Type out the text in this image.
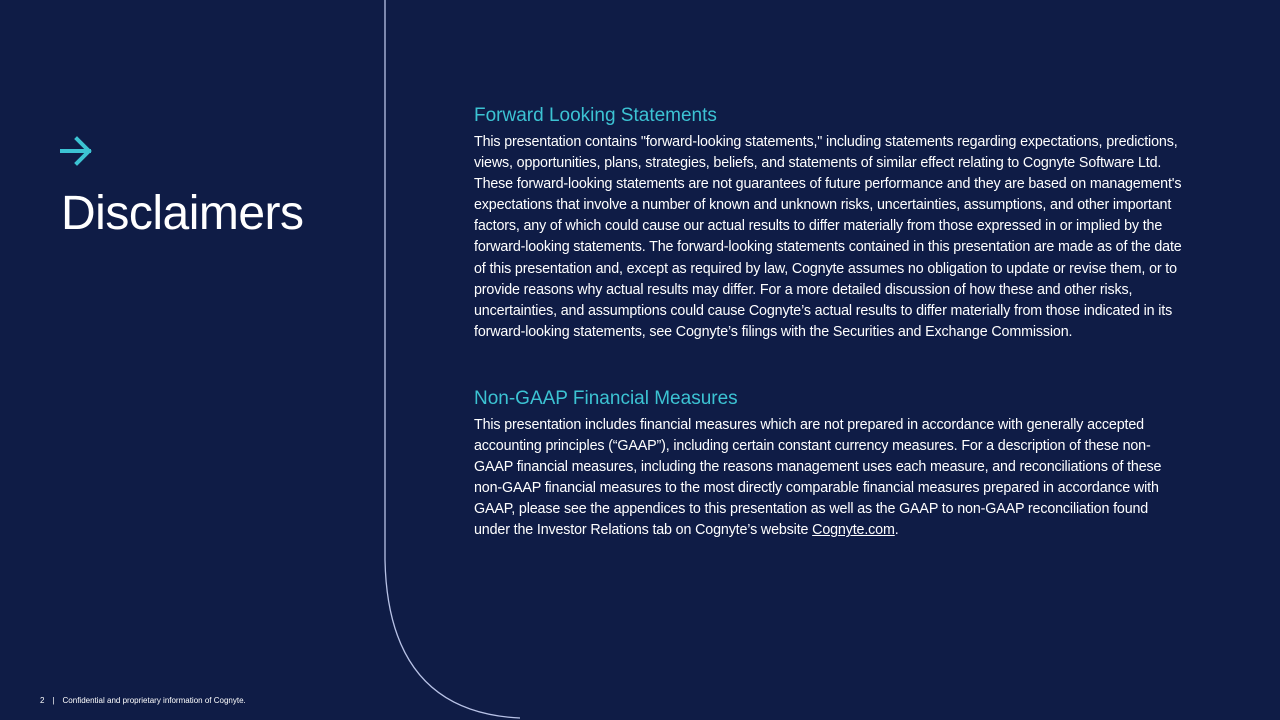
Disclaimers
Forward Looking Statements

This presentation contains "forward-looking statements," including statements regarding expectations, predictions, views, opportunities, plans, strategies, beliefs, and statements of similar effect relating to Cognyte Software Ltd. These forward-looking statements are not guarantees of future performance and they are based on management's expectations that involve a number of known and unknown risks, uncertainties, assumptions, and other important factors, any of which could cause our actual results to differ materially from those expressed in or implied by the forward-looking statements. The forward-looking statements contained in this presentation are made as of the date of this presentation and, except as required by law, Cognyte assumes no obligation to update or revise them, or to provide reasons why actual results may differ. For a more detailed discussion of how these and other risks, uncertainties, and assumptions could cause Cognyte’s actual results to differ materially from those indicated in its forward-looking statements, see Cognyte’s filings with the Securities and Exchange Commission.

Non-GAAP Financial Measures

This presentation includes financial measures which are not prepared in accordance with generally accepted accounting principles (“GAAP”), including certain constant currency measures. For a description of these non-GAAP financial measures, including the reasons management uses each measure, and reconciliations of these non-GAAP financial measures to the most directly comparable financial measures prepared in accordance with GAAP, please see the appendices to this presentation as well as the GAAP to non-GAAP reconciliation found under the Investor Relations tab on Cognyte’s website Cognyte.com.

2 | Confidential and proprietary information of Cognyte.
